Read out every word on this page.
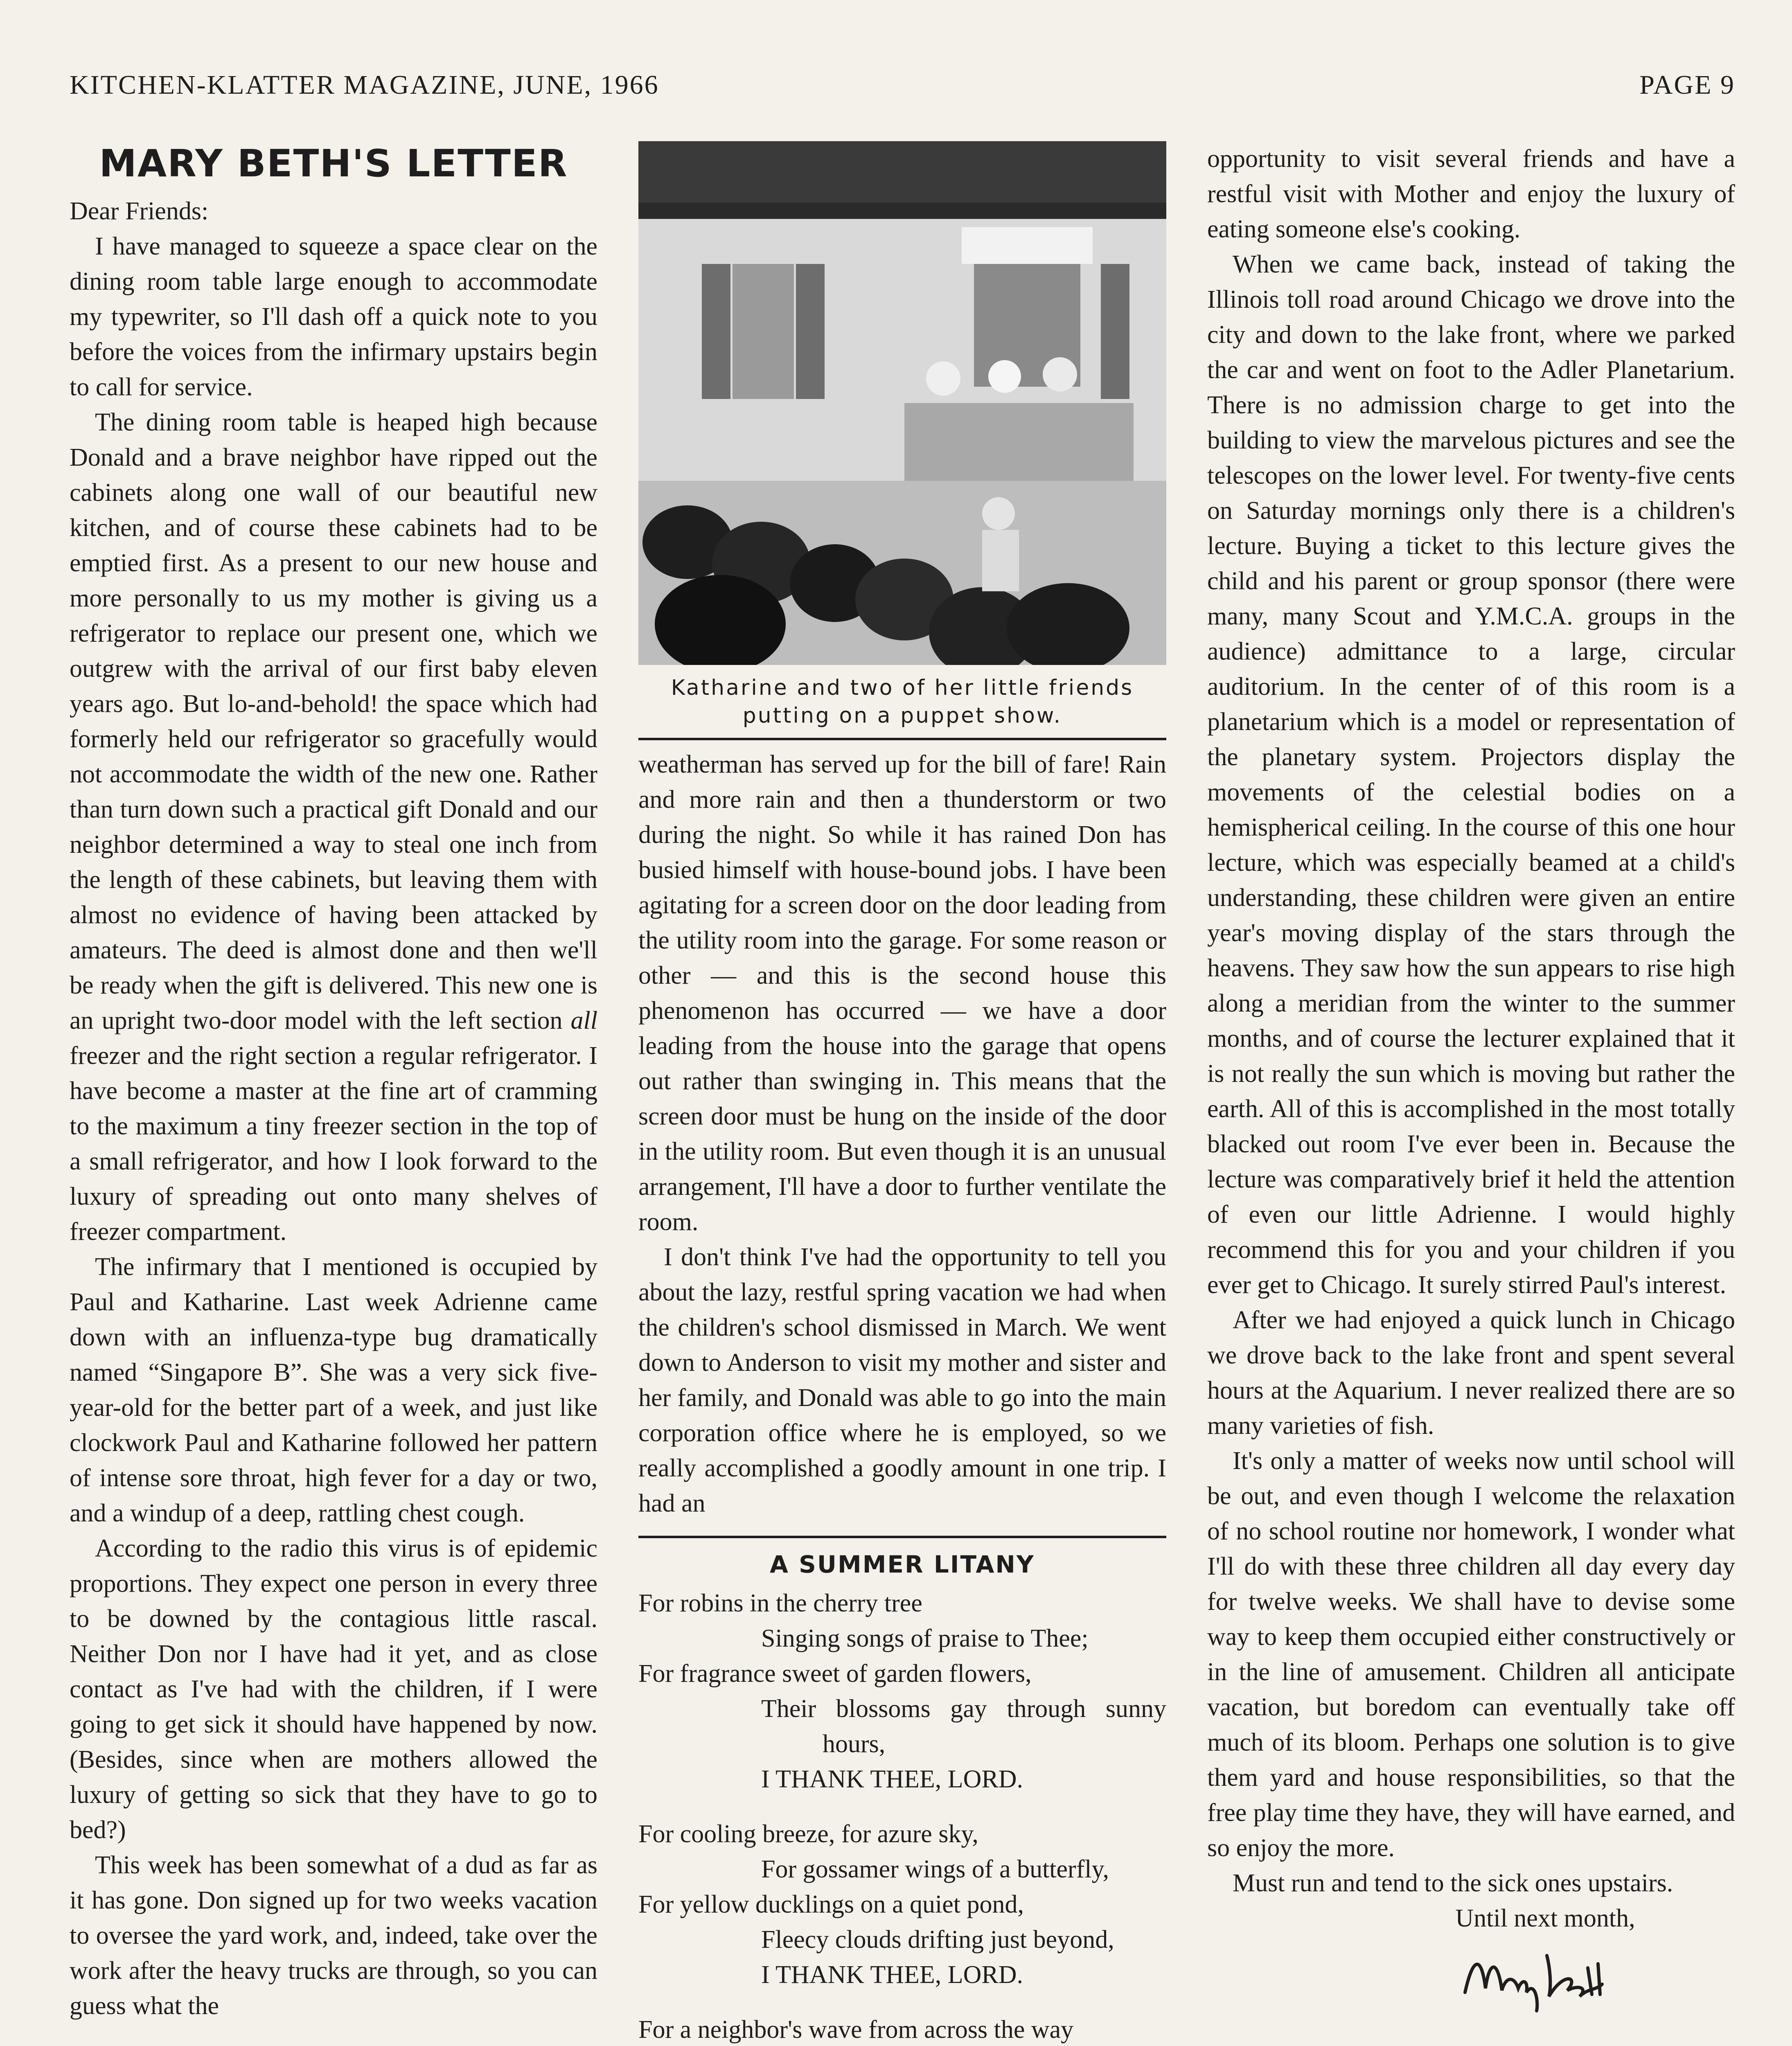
KITCHEN-KLATTER MAGAZINE, JUNE, 1966	PAGE 9
MARY BETH'S LETTER

Dear Friends:

I have managed to squeeze a space clear on the dining room table large enough to accommodate my typewriter, so I'll dash off a quick note to you before the voices from the infirmary upstairs begin to call for service.

The dining room table is heaped high because Donald and a brave neighbor have ripped out the cabinets along one wall of our beautiful new kitchen, and of course these cabinets had to be emptied first. As a present to our new house and more personally to us my mother is giving us a refrigerator to replace our present one, which we outgrew with the arrival of our first baby eleven years ago. But lo-and-behold! the space which had formerly held our refrigerator so gracefully would not accommodate the width of the new one. Rather than turn down such a practical gift Donald and our neighbor determined a way to steal one inch from the length of these cabinets, but leaving them with almost no evidence of having been attacked by amateurs. The deed is almost done and then we'll be ready when the gift is delivered. This new one is an upright two-door model with the left section all freezer and the right section a regular refrigerator. I have become a master at the fine art of cramming to the maximum a tiny freezer section in the top of a small refrigerator, and how I look forward to the luxury of spreading out onto many shelves of freezer compartment.

The infirmary that I mentioned is occupied by Paul and Katharine. Last week Adrienne came down with an influenza-type bug dramatically named “Singapore B”. She was a very sick five-year-old for the better part of a week, and just like clockwork Paul and Katharine followed her pattern of intense sore throat, high fever for a day or two, and a windup of a deep, rattling chest cough.

According to the radio this virus is of epidemic proportions. They expect one person in every three to be downed by the contagious little rascal. Neither Don nor I have had it yet, and as close contact as I've had with the children, if I were going to get sick it should have happened by now. (Besides, since when are mothers allowed the luxury of getting so sick that they have to go to bed?)

This week has been somewhat of a dud as far as it has gone. Don signed up for two weeks vacation to oversee the yard work, and, indeed, take over the work after the heavy trucks are through, so you can guess what the

Katharine and two of her little friends putting on a puppet show.

weatherman has served up for the bill of fare! Rain and more rain and then a thunderstorm or two during the night. So while it has rained Don has busied himself with house-bound jobs. I have been agitating for a screen door on the door leading from the utility room into the garage. For some reason or other — and this is the second house this phenomenon has occurred — we have a door leading from the house into the garage that opens out rather than swinging in. This means that the screen door must be hung on the inside of the door in the utility room. But even though it is an unusual arrangement, I'll have a door to further ventilate the room.

I don't think I've had the opportunity to tell you about the lazy, restful spring vacation we had when the children's school dismissed in March. We went down to Anderson to visit my mother and sister and her family, and Donald was able to go into the main corporation office where he is employed, so we really accomplished a goodly amount in one trip. I had an

A SUMMER LITANY

For robins in the cherry tree

Singing songs of praise to Thee;

For fragrance sweet of garden flowers,

Their blossoms gay through sunny hours,

I THANK THEE, LORD.

For cooling breeze, for azure sky,

For gossamer wings of a butterfly,

For yellow ducklings on a quiet pond,

Fleecy clouds drifting just beyond,

I THANK THEE, LORD.

For a neighbor's wave from across the way

opportunity to visit several friends and have a restful visit with Mother and enjoy the luxury of eating someone else's cooking.

When we came back, instead of taking the Illinois toll road around Chicago we drove into the city and down to the lake front, where we parked the car and went on foot to the Adler Planetarium. There is no admission charge to get into the building to view the marvelous pictures and see the telescopes on the lower level. For twenty-five cents on Saturday mornings only there is a children's lecture. Buying a ticket to this lecture gives the child and his parent or group sponsor (there were many, many Scout and Y.M.C.A. groups in the audience) admittance to a large, circular auditorium. In the center of of this room is a planetarium which is a model or representation of the planetary system. Projectors display the movements of the celestial bodies on a hemispherical ceiling. In the course of this one hour lecture, which was especially beamed at a child's understanding, these children were given an entire year's moving display of the stars through the heavens. They saw how the sun appears to rise high along a meridian from the winter to the summer months, and of course the lecturer explained that it is not really the sun which is moving but rather the earth. All of this is accomplished in the most totally blacked out room I've ever been in. Because the lecture was comparatively brief it held the attention of even our little Adrienne. I would highly recommend this for you and your children if you ever get to Chicago. It surely stirred Paul's interest.

After we had enjoyed a quick lunch in Chicago we drove back to the lake front and spent several hours at the Aquarium. I never realized there are so many varieties of fish.

It's only a matter of weeks now until school will be out, and even though I welcome the relaxation of no school routine nor homework, I wonder what I'll do with these three children all day every day for twelve weeks. We shall have to devise some way to keep them occupied either constructively or in the line of amusement. Children all anticipate vacation, but boredom can eventually take off much of its bloom. Perhaps one solution is to give them yard and house responsibilities, so that the free play time they have, they will have earned, and so enjoy the more.

Must run and tend to the sick ones upstairs.

Until next month,
